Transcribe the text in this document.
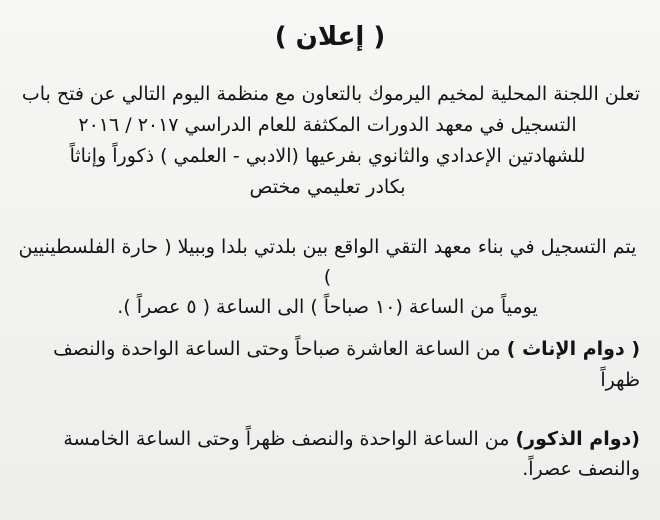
( إعلان )

تعلن اللجنة المحلية لمخيم اليرموك بالتعاون مع منظمة اليوم التالي عن فتح باب
التسجيل في معهد الدورات المكثفة للعام الدراسي ٢٠١٧ / ٢٠١٦
للشهادتين الإعدادي والثانوي بفرعيها (الادبي - العلمي ) ذكوراً وإناثاً
بكادر تعليمي مختص

يتم التسجيل في بناء معهد التقي الواقع بين بلدتي بلدا وببيلا ( حارة الفلسطينيين )
يومياً من الساعة (١٠ صباحاً ) الى الساعة ( ٥ عصراً ).

( دوام الإناث ) من الساعة العاشرة صباحاً وحتى الساعة الواحدة والنصف ظهراً

(دوام الذكور) من الساعة الواحدة والنصف ظهراً وحتى الساعة الخامسة والنصف عصراً.
